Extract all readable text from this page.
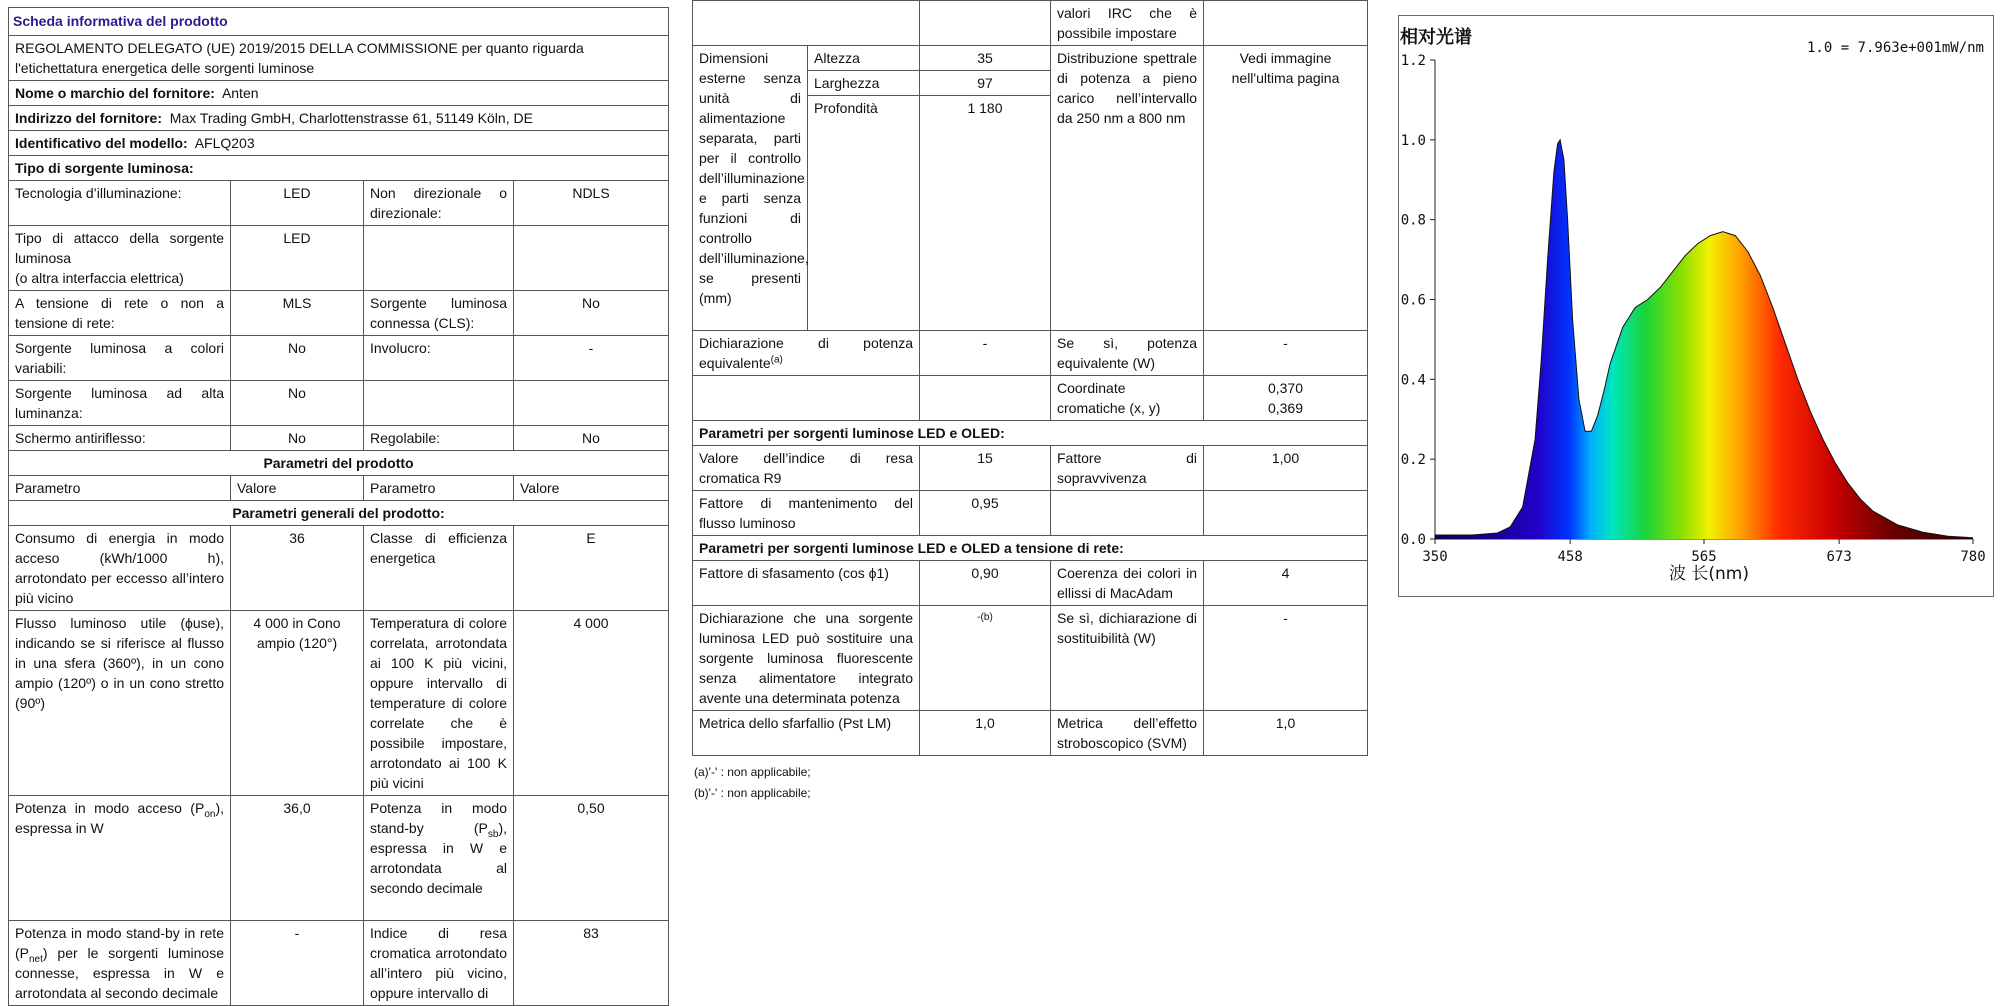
Scheda informativa del prodotto			
REGOLAMENTO DELEGATO (UE) 2019/2015 DELLA COMMISSIONE per quanto riguarda l'etichettatura energetica delle sorgenti luminose			
Nome o marchio del fornitore: Anten			
Indirizzo del fornitore: Max Trading GmbH, Charlottenstrasse 61, 51149 Köln, DE			
Identificativo del modello: AFLQ203			
Tipo di sorgente luminosa:			
Tecnologia d’illuminazione:	LED	Non direzionale o direzionale:	NDLS
Tipo di attacco della sorgente luminosa
(o altra interfaccia elettrica)	LED		
A tensione di rete o non a tensione di rete:	MLS	Sorgente luminosa connessa (CLS):	No
Sorgente luminosa a colori variabili:	No	Involucro:	-
Sorgente luminosa ad alta luminanza:	No		
Schermo antiriflesso:	No	Regolabile:	No
Parametri del prodotto			
Parametro	Valore	Parametro	Valore
Parametri generali del prodotto:			
Consumo di energia in modo acceso (kWh/1000 h), arrotondato per eccesso all’intero più vicino	36	Classe di efficienza energetica	E
Flusso luminoso utile (ϕuse), indicando se si riferisce al flusso in una sfera (360º), in un cono ampio (120º) o in un cono stretto (90º)	4 000 in Cono ampio (120°)	Temperatura di colore correlata, arrotondata ai 100 K più vicini, oppure intervallo di temperature di colore correlate che è possibile impostare, arrotondato ai 100 K più vicini	4 000
Potenza in modo acceso $(P_{on})$, espressa in W	36,0	Potenza in modo stand-by $(P_{sb})$, espressa in W e arrotondata al secondo decimale	0,50
Potenza in modo stand-by in rete $(P_{net})$ per le sorgenti luminose connesse, espressa in W e arrotondata al secondo decimale	-	Indice di resa cromatica arrotondato all’intero più vicino, oppure intervallo di	83
			valori IRC che è possibile impostare	
Dimensioni esterne senza unità di alimentazione separata, parti per il controllo dell’illuminazione e parti senza funzioni di controllo dell’illuminazione, se presenti (mm)	Altezza	35	Distribuzione spettrale di potenza a pieno carico nell’intervallo da 250 nm a 800 nm	Vedi immagine nell'ultima pagina
	Larghezza	97		
	Profondità	1 180		
Dichiarazione di potenza equivalente$^{(a)}$		-	Se sì, potenza equivalente (W)	-
			Coordinate cromatiche (x, y)	0,370
0,369
Parametri per sorgenti luminose LED e OLED:				
Valore dell’indice di resa cromatica R9		15	Fattore di sopravvivenza	1,00
Fattore di mantenimento del flusso luminoso		0,95		
Parametri per sorgenti luminose LED e OLED a tensione di rete:				
Fattore di sfasamento (cos ϕ1)		0,90	Coerenza dei colori in ellissi di MacAdam	4
Dichiarazione che una sorgente luminosa LED può sostituire una sorgente luminosa fluorescente senza alimentatore integrato avente una determinata potenza		-(b)	Se sì, dichiarazione di sostituibilità (W)	-
Metrica dello sfarfallio (Pst LM)		1,0	Metrica dell’effetto stroboscopico (SVM)	1,0
(a)'-' : non applicabile;
(b)'-' : non applicabile;
相对光谱	1.0 = 7.963e+001mW/nm
0.0
0.2
0.4
0.6
0.8
1.0
1.2
350	458	565	673	780
波 长(nm)
